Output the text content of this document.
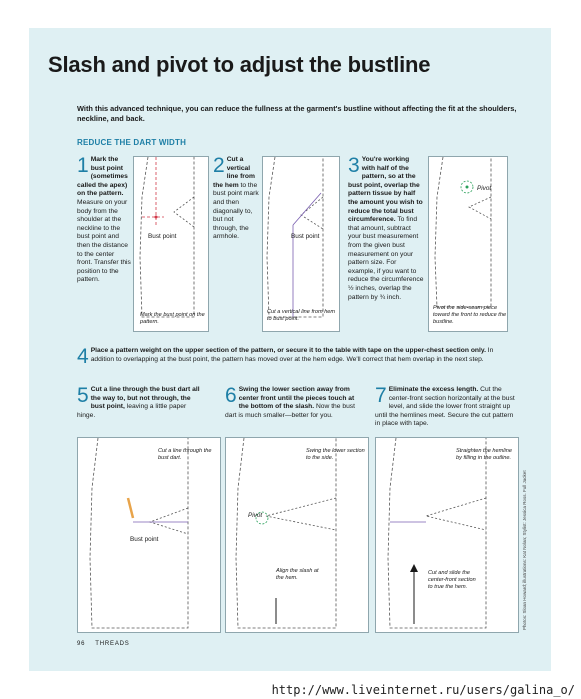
Slash and pivot to adjust the bustline

With this advanced technique, you can reduce the fullness at the garment's bustline without affecting the fit at the shoulders, neckline, and back.

REDUCE THE DART WIDTH
1 Mark the bust point (sometimes called the apex) on the pattern. Measure on your body from the shoulder at the neckline to the bust point and then the distance to the center front. Transfer this position to the pattern.
Bust point
Mark the bust point on the pattern.
2 Cut a vertical line from the hem to the bust point mark and then diagonally to, but not through, the armhole.	Bust point
Cut a vertical line from hem to bust point.
3 You're working with half of the pattern, so at the bust point, overlap the pattern tissue by half the amount you wish to reduce the total bust circumference. To find that amount, subtract your bust measurement from the given bust measurement on your pattern size. For example, if you want to reduce the circumference ½ inches, overlap the pattern by ¾ inch.
Pivot
Pivot the side-seam piece toward the front to reduce the bustline.
4 Place a pattern weight on the upper section of the pattern, or secure it to the table with tape on the upper-chest section only. In addition to overlapping at the bust point, the pattern has moved over at the hem edge. We'll correct that hem overlap in the next step.
5 Cut a line through the bust dart all the way to, but not through, the bust point, leaving a little paper hinge.
Bust point
Cut a line through the bust dart.
6 Swing the lower section away from center front until the pieces touch at the bottom of the slash. Now the bust dart is much smaller—better for you.
Pivot
Swing the lower section to the side.
Align the slash at the hem.
7 Eliminate the excess length. Cut the center-front section horizontally at the bust level, and slide the lower front straight up until the hemlines meet. Secure the cut pattern in place with tape.
Straighten the hemline by filling in the outline.
Cut and slide the center-front section to true the hem.	Photos: Sloan Howard; illustrations: Kat Nolan; Stylist: Jessica Ross. Full Jacket
96 THREADS
http://www.liveinternet.ru/users/galina_o/
